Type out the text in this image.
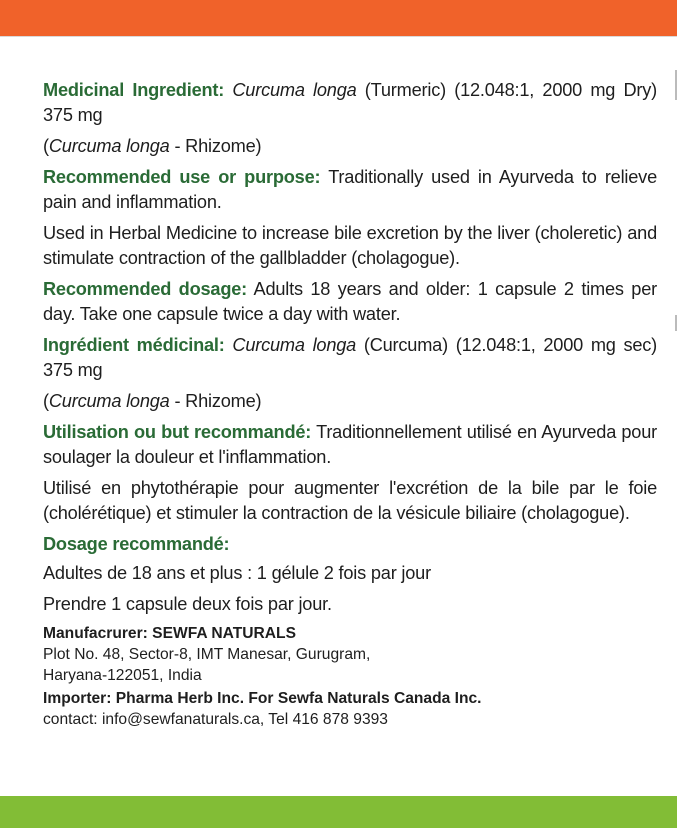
Medicinal Ingredient: Curcuma longa (Turmeric) (12.048:1, 2000 mg Dry) 375 mg

(Curcuma longa - Rhizome)

Recommended use or purpose: Traditionally used in Ayurveda to relieve pain and inflammation.

Used in Herbal Medicine to increase bile excretion by the liver (choleretic) and stimulate contraction of the gallbladder (cholagogue).

Recommended dosage: Adults 18 years and older: 1 capsule 2 times per day. Take one capsule twice a day with water.

Ingrédient médicinal: Curcuma longa (Curcuma) (12.048:1, 2000 mg sec) 375 mg

(Curcuma longa - Rhizome)

Utilisation ou but recommandé: Traditionnellement utilisé en Ayurveda pour soulager la douleur et l'inflammation.

Utilisé en phytothérapie pour augmenter l'excrétion de la bile par le foie (cholérétique) et stimuler la contraction de la vésicule biliaire (cholagogue).

Dosage recommandé:

Adultes de 18 ans et plus : 1 gélule 2 fois par jour

Prendre 1 capsule deux fois par jour.

Manufacrurer: SEWFA NATURALS

Plot No. 48, Sector-8, IMT Manesar, Gurugram,

Haryana-122051, India

Importer: Pharma Herb Inc. For Sewfa Naturals Canada Inc.

contact: info@sewfanaturals.ca, Tel 416 878 9393
